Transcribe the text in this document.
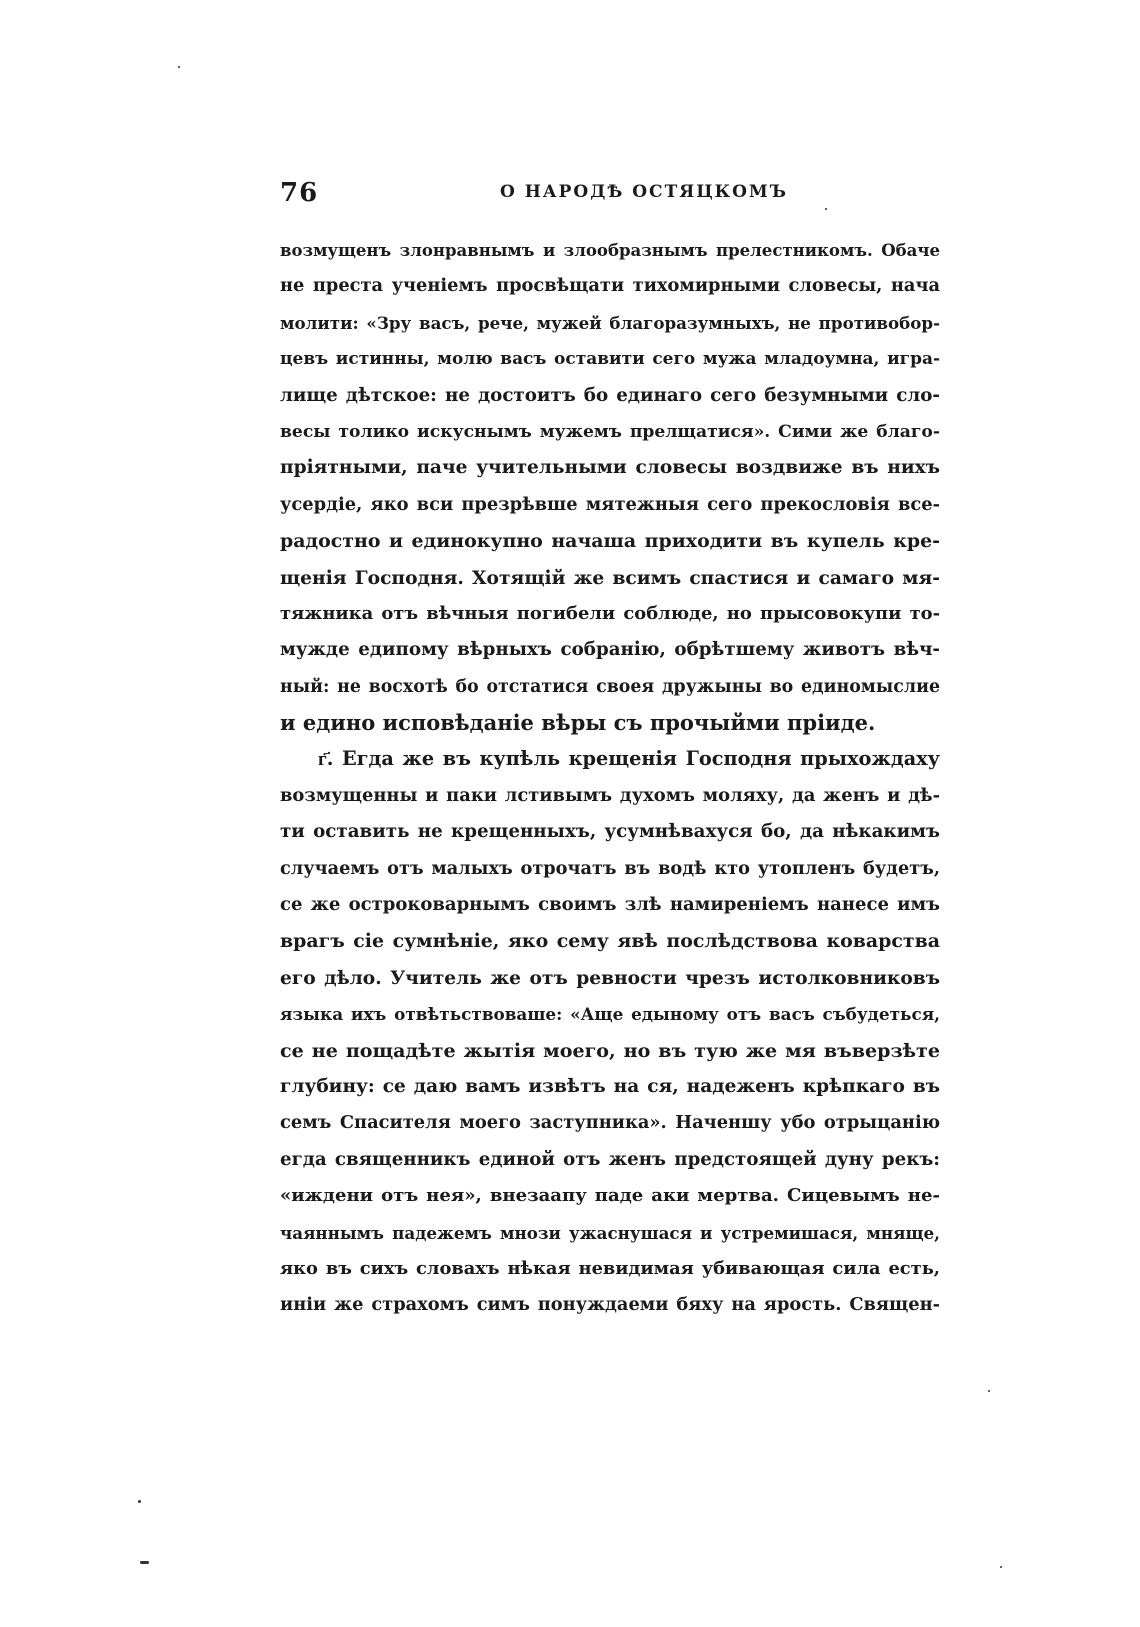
76	О НАРОДѢ ОСТЯЦКОМЪ
возмущенъ злонравнымъ и злообразнымъ прелестникомъ. Обаче
не преста ученіемъ просвѣщати тихомирными словесы, нача
молити: «Зру васъ, рече, мужей благоразумныхъ, не противобор-
цевъ истинны, молю васъ оставити сего мужа младоумна, игра-
лище дѣтское: не достоитъ бо единаго сего безумными сло-
весы толико искуснымъ мужемъ прелщатися». Сими же благо-
пріятными, паче учительными словесы воздвиже въ нихъ
усердіе, яко вси презрѣвше мятежныя сего прекословія все-
радостно и единокупно начаша приходити въ купель кре-
щенія Господня. Хотящій же всимъ спастися и самаго мя-
тяжника отъ вѣчныя погибели соблюде, но прысовокупи то-
мужде едипому вѣрныхъ собранію, обрѣтшему животъ вѣч-
ный: не восхотѣ бо отстатися своея дружыны во единомыслие
и едино исповѣданіе вѣры съ прочыйми пріиде.
г҃. Егда же въ купѣль крещенія Господня прыхождаху
возмущенны и паки лстивымъ духомъ моляху, да женъ и дѣ-
ти оставить не крещенныхъ, усумнѣвахуся бо, да нѣкакимъ
случаемъ отъ малыхъ отрочатъ въ водѣ кто утопленъ будетъ,
се же остроковарнымъ своимъ злѣ намиреніемъ нанесе имъ
врагъ сіе сумнѣніе, яко сему явѣ послѣдствова коварства
его дѣло. Учитель же отъ ревности чрезъ истолковниковъ
языка ихъ отвѣтьствоваше: «Аще едыному отъ васъ събудеться,
се не пощадѣте жытія моего, но въ тую же мя въверзѣте
глубину: се даю вамъ извѣтъ на ся, надеженъ крѣпкаго въ
семъ Спасителя моего заступника». Наченшу убо отрыцанію
егда священникъ единой отъ женъ предстоящей дуну рекъ:
«иждени отъ нея», внезаапу паде аки мертва. Сицевымъ не-
чаяннымъ падежемъ мнози ужаснушася и устремишася, мняще,
яко въ сихъ словахъ нѣкая невидимая убивающая сила есть,
иніи же страхомъ симъ понуждаеми бяху на ярость. Священ-
